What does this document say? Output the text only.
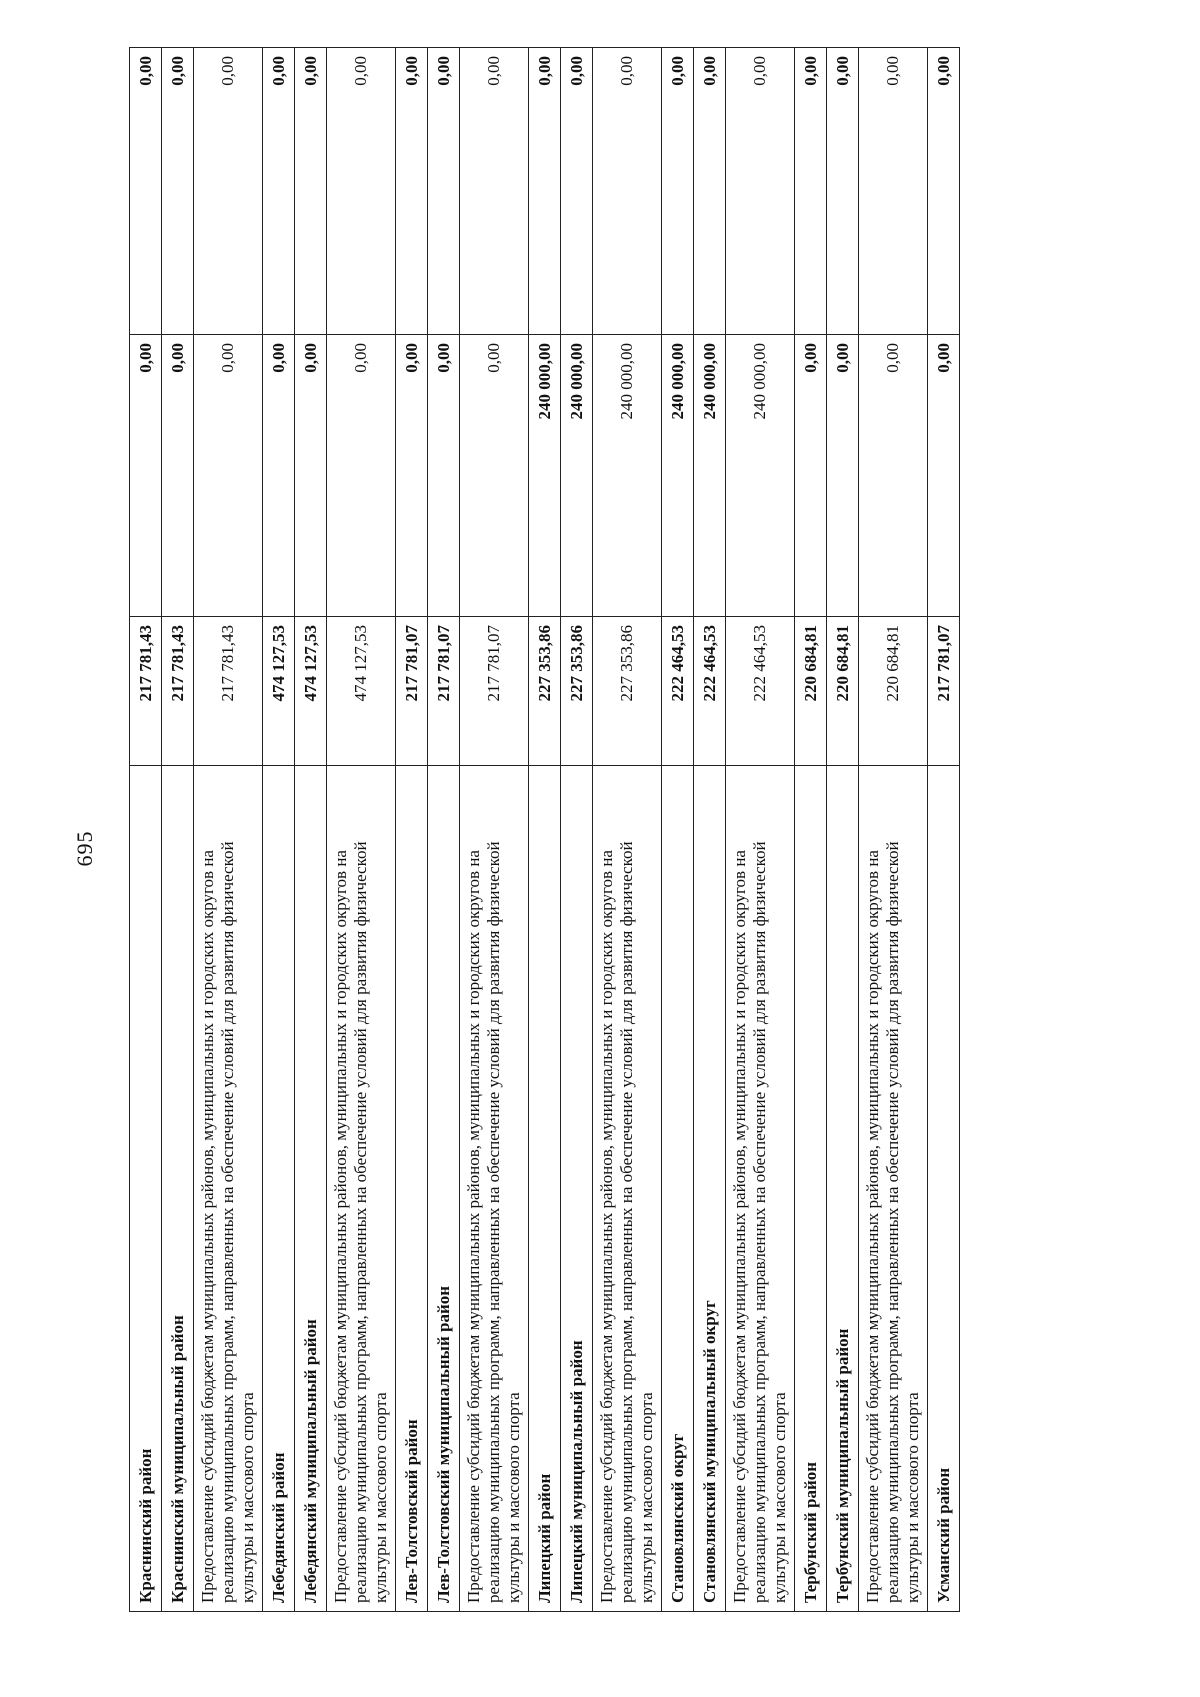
695
Краснинский район	217 781,43	0,00	0,00
Краснинский муниципальный район	217 781,43	0,00	0,00
Предоставление субсидий бюджетам муниципальных районов, муниципальных и городских округов на реализацию муниципальных программ, направленных на обеспечение условий для развития физической культуры и массового спорта	217 781,43	0,00	0,00
Лебедянский район	474 127,53	0,00	0,00
Лебедянский муниципальный район	474 127,53	0,00	0,00
Предоставление субсидий бюджетам муниципальных районов, муниципальных и городских округов на реализацию муниципальных программ, направленных на обеспечение условий для развития физической культуры и массового спорта	474 127,53	0,00	0,00
Лев-Толстовский район	217 781,07	0,00	0,00
Лев-Толстовский муниципальный район	217 781,07	0,00	0,00
Предоставление субсидий бюджетам муниципальных районов, муниципальных и городских округов на реализацию муниципальных программ, направленных на обеспечение условий для развития физической культуры и массового спорта	217 781,07	0,00	0,00
Липецкий район	227 353,86	240 000,00	0,00
Липецкий муниципальный район	227 353,86	240 000,00	0,00
Предоставление субсидий бюджетам муниципальных районов, муниципальных и городских округов на реализацию муниципальных программ, направленных на обеспечение условий для развития физической культуры и массового спорта	227 353,86	240 000,00	0,00
Становлянский округ	222 464,53	240 000,00	0,00
Становлянский муниципальный округ	222 464,53	240 000,00	0,00
Предоставление субсидий бюджетам муниципальных районов, муниципальных и городских округов на реализацию муниципальных программ, направленных на обеспечение условий для развития физической культуры и массового спорта	222 464,53	240 000,00	0,00
Тербунский район	220 684,81	0,00	0,00
Тербунский муниципальный район	220 684,81	0,00	0,00
Предоставление субсидий бюджетам муниципальных районов, муниципальных и городских округов на реализацию муниципальных программ, направленных на обеспечение условий для развития физической культуры и массового спорта	220 684,81	0,00	0,00
Усманский район	217 781,07	0,00	0,00
